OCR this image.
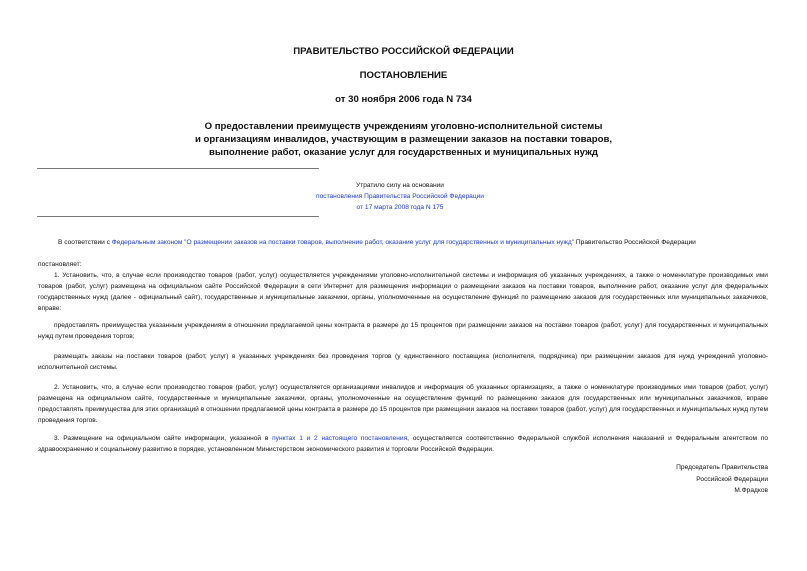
ПРАВИТЕЛЬСТВО РОССИЙСКОЙ ФЕДЕРАЦИИ
ПОСТАНОВЛЕНИЕ
от 30 ноября 2006 года N 734
О предоставлении преимуществ учреждениям уголовно-исполнительной системы
и организациям инвалидов, участвующим в размещении заказов на поставки товаров,
выполнение работ, оказание услуг для государственных и муниципальных нужд
Утратило силу на основании
постановления Правительства Российской Федерации
от 17 марта 2008 года N 175
В соответствии с Федеральным законом "О размещении заказов на поставки товаров, выполнение работ, оказание услуг для государственных и муниципальных нужд" Правительство Российской Федерации
постановляет:
1. Установить, что, в случае если производство товаров (работ, услуг) осуществляется учреждениями уголовно-исполнительной системы и информация об указанных учреждениях, а также о номенклатуре производимых ими товаров (работ, услуг) размещена на официальном сайте Российской Федерации в сети Интернет для размещения информации о размещении заказов на поставки товаров, выполнение работ, оказание услуг для федеральных государственных нужд (далее - официальный сайт), государственные и муниципальные заказчики, органы, уполномоченные на осуществление функций по размещению заказов для государственных или муниципальных заказчиков, вправе:
предоставлять преимущества указанным учреждениям в отношении предлагаемой цены контракта в размере до 15 процентов при размещении заказов на поставки товаров (работ, услуг) для государственных и муниципальных нужд путем проведения торгов;
размещать заказы на поставки товаров (работ, услуг) в указанных учреждениях без проведения торгов (у единственного поставщика (исполнителя, подрядчика) при размещении заказов для нужд учреждений уголовно-исполнительной системы.
2. Установить, что, в случае если производство товаров (работ, услуг) осуществляется организациями инвалидов и информация об указанных организациях, а также о номенклатуре производимых ими товаров (работ, услуг) размещена на официальном сайте, государственные и муниципальные заказчики, органы, уполномоченные на осуществление функций по размещению заказов для государственных или муниципальных заказчиков, вправе предоставлять преимущества для этих организаций в отношении предлагаемой цены контракта в размере до 15 процентов при размещении заказов на поставки товаров (работ, услуг) для государственных и муниципальных нужд путем проведения торгов.
3. Размещение на официальном сайте информации, указанной в пунктах 1 и 2 настоящего постановления, осуществляется соответственно Федеральной службой исполнения наказаний и Федеральным агентством по здравоохранению и социальному развитию в порядке, установленном Министерством экономического развития и торговли Российской Федерации.
Председатель Правительства
Российской Федерации
М.Фрадков
